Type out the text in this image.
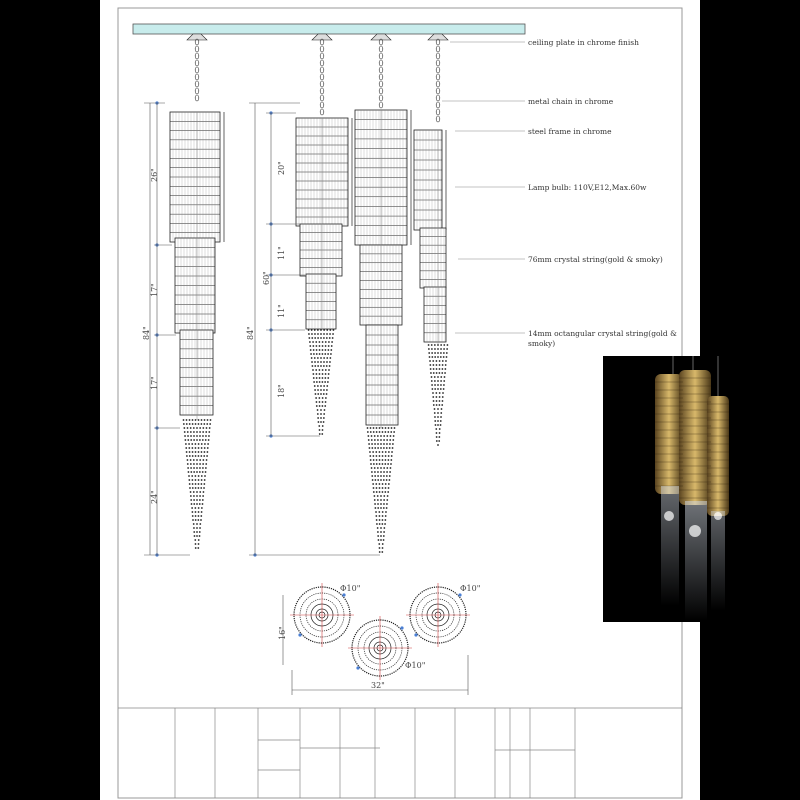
ceiling plate in chrome finish
metal chain in chrome
steel frame in chrome
Lamp bulb: 110V,E12,Max.60w
76mm crystal string(gold & smoky)
14mm octangular crystal string(gold &
smoky)
84"
26"
17"
17"
24"
84"
60"
20"
11"
11"
18"
Φ10"	Φ10"
Φ10"
16"
32"
